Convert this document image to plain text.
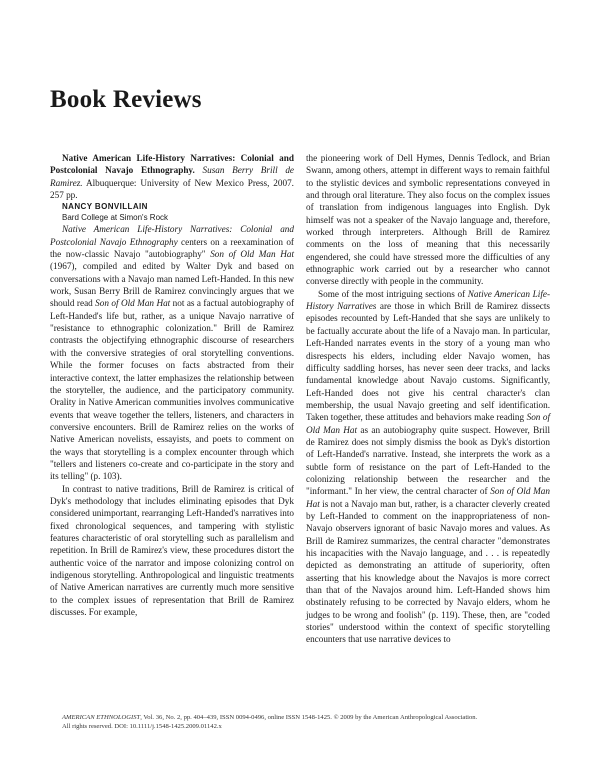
Book Reviews

Native American Life-History Narratives: Colonial and Postcolonial Navajo Ethnography. Susan Berry Brill de Ramirez. Albuquerque: University of New Mexico Press, 2007. 257 pp.

NANCY BONVILLAIN

Bard College at Simon's Rock

Native American Life-History Narratives: Colonial and Postcolonial Navajo Ethnography centers on a reexamination of the now-classic Navajo "autobiography" Son of Old Man Hat (1967), compiled and edited by Walter Dyk and based on conversations with a Navajo man named Left-Handed. In this new work, Susan Berry Brill de Ramirez convincingly argues that we should read Son of Old Man Hat not as a factual autobiography of Left-Handed's life but, rather, as a unique Navajo narrative of "resistance to ethnographic colonization." Brill de Ramirez contrasts the objectifying ethnographic discourse of researchers with the conversive strategies of oral storytelling conventions. While the former focuses on facts abstracted from their interactive context, the latter emphasizes the relationship between the storyteller, the audience, and the participatory community. Orality in Native American communities involves communicative events that weave together the tellers, listeners, and characters in conversive encounters. Brill de Ramirez relies on the works of Native American novelists, essayists, and poets to comment on the ways that storytelling is a complex encounter through which "tellers and listeners co-create and co-participate in the story and its telling" (p. 103).

In contrast to native traditions, Brill de Ramirez is critical of Dyk's methodology that includes eliminating episodes that Dyk considered unimportant, rearranging Left-Handed's narratives into fixed chronological sequences, and tampering with stylistic features characteristic of oral storytelling such as parallelism and repetition. In Brill de Ramirez's view, these procedures distort the authentic voice of the narrator and impose colonizing control on indigenous storytelling. Anthropological and linguistic treatments of Native American narratives are currently much more sensitive to the complex issues of representation that Brill de Ramirez discusses. For example,

the pioneering work of Dell Hymes, Dennis Tedlock, and Brian Swann, among others, attempt in different ways to remain faithful to the stylistic devices and symbolic representations conveyed in and through oral literature. They also focus on the complex issues of translation from indigenous languages into English. Dyk himself was not a speaker of the Navajo language and, therefore, worked through interpreters. Although Brill de Ramirez comments on the loss of meaning that this necessarily engendered, she could have stressed more the difficulties of any ethnographic work carried out by a researcher who cannot converse directly with people in the community.

Some of the most intriguing sections of Native American Life-History Narratives are those in which Brill de Ramirez dissects episodes recounted by Left-Handed that she says are unlikely to be factually accurate about the life of a Navajo man. In particular, Left-Handed narrates events in the story of a young man who disrespects his elders, including elder Navajo women, has difficulty saddling horses, has never seen deer tracks, and lacks fundamental knowledge about Navajo customs. Significantly, Left-Handed does not give his central character's clan membership, the usual Navajo greeting and self identification. Taken together, these attitudes and behaviors make reading Son of Old Man Hat as an autobiography quite suspect. However, Brill de Ramirez does not simply dismiss the book as Dyk's distortion of Left-Handed's narrative. Instead, she interprets the work as a subtle form of resistance on the part of Left-Handed to the colonizing relationship between the researcher and the "informant." In her view, the central character of Son of Old Man Hat is not a Navajo man but, rather, is a character cleverly created by Left-Handed to comment on the inappropriateness of non-Navajo observers ignorant of basic Navajo mores and values. As Brill de Ramirez summarizes, the central character "demonstrates his incapacities with the Navajo language, and . . . is repeatedly depicted as demonstrating an attitude of superiority, often asserting that his knowledge about the Navajos is more correct than that of the Navajos around him. Left-Handed shows him obstinately refusing to be corrected by Navajo elders, whom he judges to be wrong and foolish" (p. 119). These, then, are "coded stories" understood within the context of specific storytelling encounters that use narrative devices to

AMERICAN ETHNOLOGIST, Vol. 36, No. 2, pp. 404–439, ISSN 0094-0496, online ISSN 1548-1425. © 2009 by the American Anthropological Association.
All rights reserved. DOI: 10.1111/j.1548-1425.2009.01142.x
